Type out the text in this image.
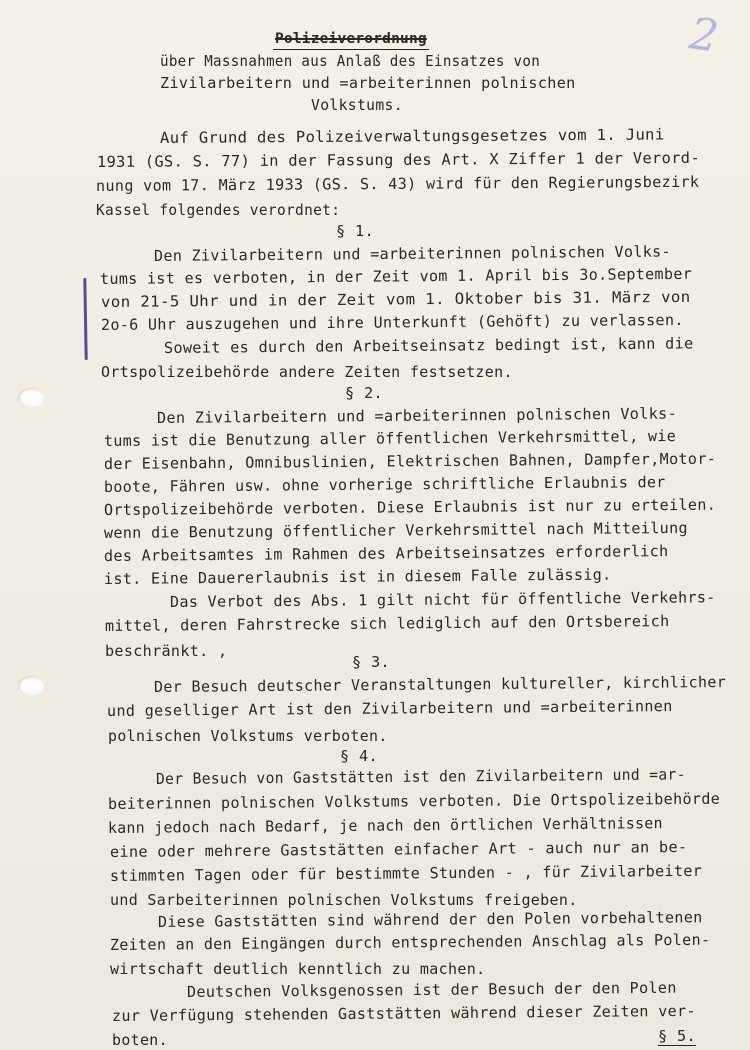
2
Polizeiverordnung
über Massnahmen aus Anlaß des Einsatzes von
Zivilarbeitern und =arbeiterinnen polnischen
Volkstums.
Auf Grund des Polizeiverwaltungsgesetzes vom 1. Juni
1931 (GS. S. 77) in der Fassung des Art. X Ziffer 1 der Verord-
nung vom 17. März 1933 (GS. S. 43) wird für den Regierungsbezirk
Kassel folgendes verordnet:
§ 1.
Den Zivilarbeitern und =arbeiterinnen polnischen Volks-
tums ist es verboten, in der Zeit vom 1. April bis 3o.September
von 21-5 Uhr und in der Zeit vom 1. Oktober bis 31. März von
2o-6 Uhr auszugehen und ihre Unterkunft (Gehöft) zu verlassen.
Soweit es durch den Arbeitseinsatz bedingt ist, kann die
Ortspolizeibehörde andere Zeiten festsetzen.
§ 2.
Den Zivilarbeitern und =arbeiterinnen polnischen Volks-
tums ist die Benutzung aller öffentlichen Verkehrsmittel, wie
der Eisenbahn, Omnibuslinien, Elektrischen Bahnen, Dampfer,Motor-
boote, Fähren usw. ohne vorherige schriftliche Erlaubnis der
Ortspolizeibehörde verboten. Diese Erlaubnis ist nur zu erteilen.
wenn die Benutzung öffentlicher Verkehrsmittel nach Mitteilung
des Arbeitsamtes im Rahmen des Arbeitseinsatzes erforderlich
ist. Eine Dauererlaubnis ist in diesem Falle zulässig.
Das Verbot des Abs. 1 gilt nicht für öffentliche Verkehrs-
mittel, deren Fahrstrecke sich lediglich auf den Ortsbereich
beschränkt. ,
§ 3.
Der Besuch deutscher Veranstaltungen kultureller, kirchlicher
und geselliger Art ist den Zivilarbeitern und =arbeiterinnen
polnischen Volkstums verboten.
§ 4.
Der Besuch von Gaststätten ist den Zivilarbeitern und =ar-
beiterinnen polnischen Volkstums verboten. Die Ortspolizeibehörde
kann jedoch nach Bedarf, je nach den örtlichen Verhältnissen
eine oder mehrere Gaststätten einfacher Art - auch nur an be-
stimmten Tagen oder für bestimmte Stunden - , für Zivilarbeiter
und Sarbeiterinnen polnischen Volkstums freigeben.
Diese Gaststätten sind während der den Polen vorbehaltenen
Zeiten an den Eingängen durch entsprechenden Anschlag als Polen-
wirtschaft deutlich kenntlich zu machen.
Deutschen Volksgenossen ist der Besuch der den Polen
zur Verfügung stehenden Gaststätten während dieser Zeiten ver-
boten.	§ 5.
